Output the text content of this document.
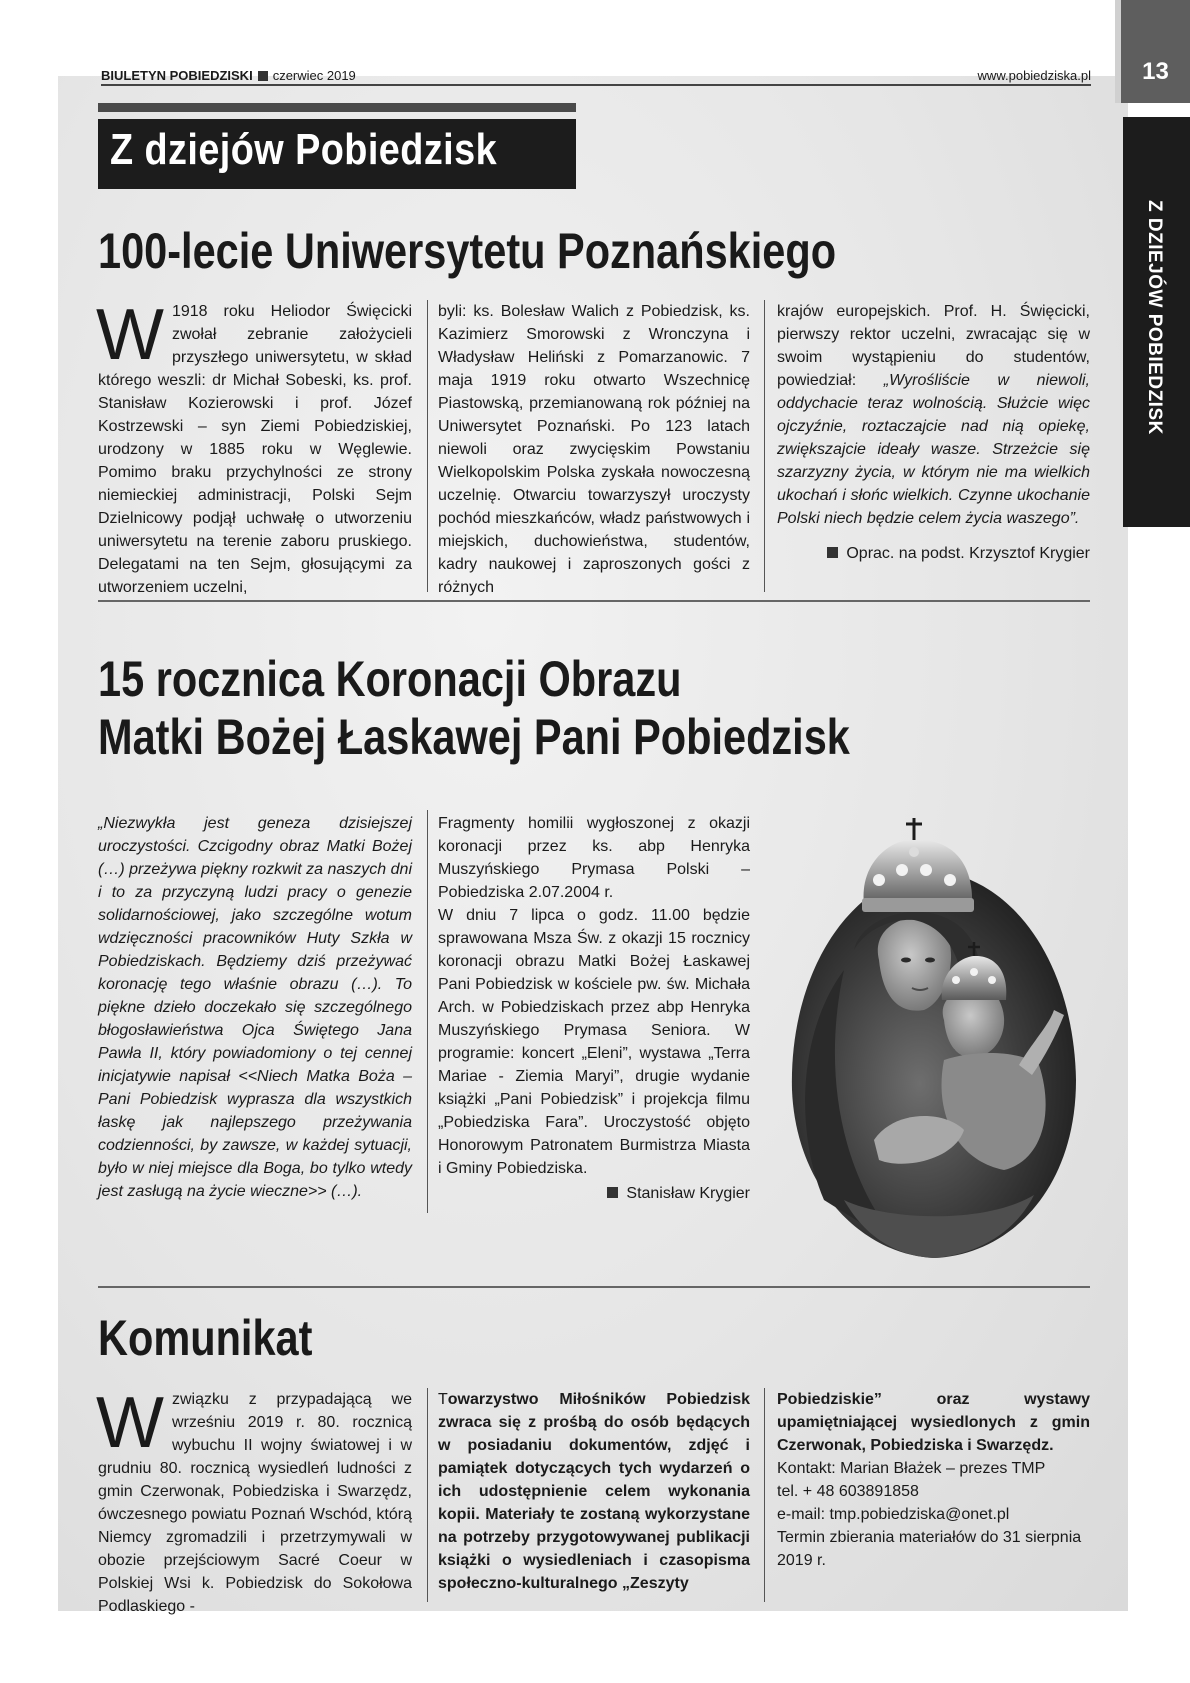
13
Z DZIEJÓW POBIEDZISK
BIULETYN POBIEDZISKI czerwiec 2019	www.pobiedziska.pl
Z dziejów Pobiedzisk
100-lecie Uniwersytetu Poznańskiego
W 1918 roku Heliodor Święcicki zwołał zebranie założycieli przyszłego uniwersytetu, w skład którego weszli: dr Michał Sobeski, ks. prof. Stanisław Kozierowski i prof. Józef Kostrzewski – syn Ziemi Pobiedziskiej, urodzony w 1885 roku w Węglewie. Pomimo braku przychylności ze strony niemieckiej administracji, Polski Sejm Dzielnicowy podjął uchwałę o utworzeniu uniwersytetu na terenie zaboru pruskiego. Delegatami na ten Sejm, głosującymi za utworzeniem uczelni,

byli: ks. Bolesław Walich z Pobiedzisk, ks. Kazimierz Smorowski z Wronczyna i Władysław Heliński z Pomarzanowic. 7 maja 1919 roku otwarto Wszechnicę Piastowską, przemianowaną rok później na Uniwersytet Poznański. Po 123 latach niewoli oraz zwycięskim Powstaniu Wielkopolskim Polska zyskała nowoczesną uczelnię. Otwarciu towarzyszył uroczysty pochód mieszkańców, władz państwowych i miejskich, duchowieństwa, studentów, kadry naukowej i zaproszonych gości z różnych

krajów europejskich. Prof. H. Święcicki, pierwszy rektor uczelni, zwracając się w swoim wystąpieniu do studentów, powiedział: „Wyrośliście w niewoli, oddychacie teraz wolnością. Służcie więc ojczyźnie, roztaczajcie nad nią opiekę, zwiększajcie ideały wasze. Strzeżcie się szarzyzny życia, w którym nie ma wielkich ukochań i słońc wielkich. Czynne ukochanie Polski niech będzie celem życia waszego”.

Oprac. na podst. Krzysztof Krygier

15 rocznica Koronacji Obrazu
Matki Bożej Łaskawej Pani Pobiedzisk

„Niezwykła jest geneza dzisiejszej uroczystości. Czcigodny obraz Matki Bożej (…) przeżywa piękny rozkwit za naszych dni i to za przyczyną ludzi pracy o genezie solidarnościowej, jako szczególne wotum wdzięczności pracowników Huty Szkła w Pobiedziskach. Będziemy dziś przeżywać koronację tego właśnie obrazu (…). To piękne dzieło doczekało się szczególnego błogosławieństwa Ojca Świętego Jana Pawła II, który powiadomiony o tej cennej inicjatywie napisał <<Niech Matka Boża – Pani Pobiedzisk wyprasza dla wszystkich łaskę jak najlepszego przeżywania codzienności, by zawsze, w każdej sytuacji, było w niej miejsce dla Boga, bo tylko wtedy jest zasługą na życie wieczne>> (…).

Fragmenty homilii wygłoszonej z okazji koronacji przez ks. abp Henryka Muszyńskiego Prymasa Polski – Pobiedziska 2.07.2004 r.

W dniu 7 lipca o godz. 11.00 będzie sprawowana Msza Św. z okazji 15 rocznicy koronacji obrazu Matki Bożej Łaskawej Pani Pobiedzisk w kościele pw. św. Michała Arch. w Pobiedziskach przez abp Henryka Muszyńskiego Prymasa Seniora. W programie: koncert „Eleni”, wystawa „Terra Mariae - Ziemia Maryi”, drugie wydanie książki „Pani Pobiedzisk” i projekcja filmu „Pobiedziska Fara”. Uroczystość objęto Honorowym Patronatem Burmistrza Miasta i Gminy Pobiedziska.

Stanisław Krygier

Komunikat
W związku z przypadającą we wrześniu 2019 r. 80. rocznicą wybuchu II wojny światowej i w grudniu 80. rocznicą wysiedleń ludności z gmin Czerwonak, Pobiedziska i Swarzędz, ówczesnego powiatu Poznań Wschód, którą Niemcy zgromadzili i przetrzymywali w obozie przejściowym Sacré Coeur w Polskiej Wsi k. Pobiedzisk do Sokołowa Podlaskiego -

Towarzystwo Miłośników Pobiedzisk zwraca się z prośbą do osób będących w posiadaniu dokumentów, zdjęć i pamiątek dotyczących tych wydarzeń o ich udostępnienie celem wykonania kopii. Materiały te zostaną wykorzystane na potrzeby przygotowywanej publikacji książki o wysiedleniach i czasopisma społeczno-kulturalnego „Zeszyty

Pobiedziskie” oraz wystawy upamiętniającej wysiedlonych z gmin Czerwonak, Pobiedziska i Swarzędz.

Kontakt: Marian Błażek – prezes TMP

tel. + 48 603891858

e-mail: tmp.pobiedziska@onet.pl

Termin zbierania materiałów do 31 sierpnia 2019 r.
